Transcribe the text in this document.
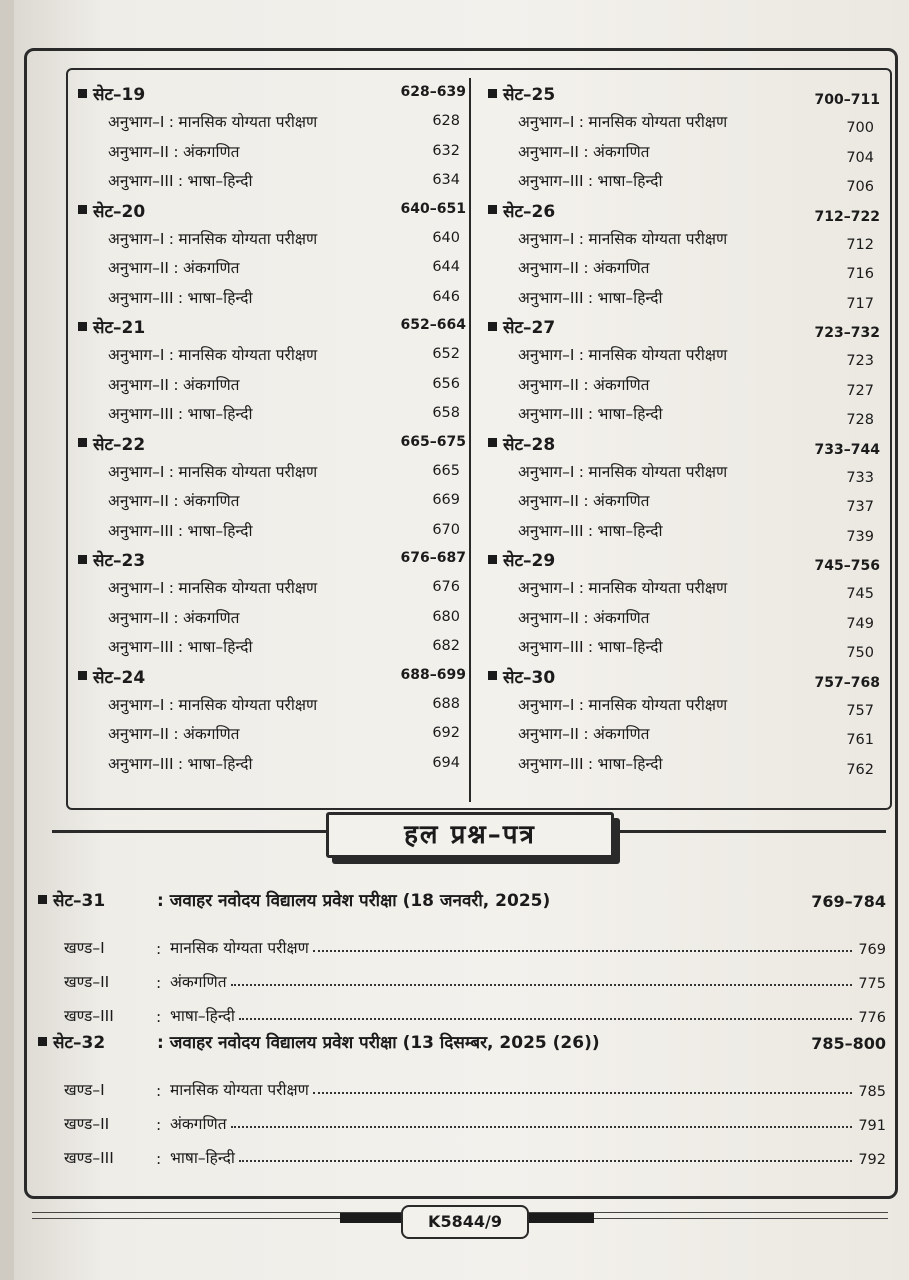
सेट–19	628–639
अनुभाग–I : मानसिक योग्यता परीक्षण	628
अनुभाग–II : अंकगणित	632
अनुभाग–III : भाषा–हिन्दी	634
सेट–20	640–651
अनुभाग–I : मानसिक योग्यता परीक्षण	640
अनुभाग–II : अंकगणित	644
अनुभाग–III : भाषा–हिन्दी	646
सेट–21	652–664
अनुभाग–I : मानसिक योग्यता परीक्षण	652
अनुभाग–II : अंकगणित	656
अनुभाग–III : भाषा–हिन्दी	658
सेट–22	665–675
अनुभाग–I : मानसिक योग्यता परीक्षण	665
अनुभाग–II : अंकगणित	669
अनुभाग–III : भाषा–हिन्दी	670
सेट–23	676–687
अनुभाग–I : मानसिक योग्यता परीक्षण	676
अनुभाग–II : अंकगणित	680
अनुभाग–III : भाषा–हिन्दी	682
सेट–24	688–699
अनुभाग–I : मानसिक योग्यता परीक्षण	688
अनुभाग–II : अंकगणित	692
अनुभाग–III : भाषा–हिन्दी	694
सेट–25	700–711
अनुभाग–I : मानसिक योग्यता परीक्षण	700
अनुभाग–II : अंकगणित	704
अनुभाग–III : भाषा–हिन्दी	706
सेट–26	712–722
अनुभाग–I : मानसिक योग्यता परीक्षण	712
अनुभाग–II : अंकगणित	716
अनुभाग–III : भाषा–हिन्दी	717
सेट–27	723–732
अनुभाग–I : मानसिक योग्यता परीक्षण	723
अनुभाग–II : अंकगणित	727
अनुभाग–III : भाषा–हिन्दी	728
सेट–28	733–744
अनुभाग–I : मानसिक योग्यता परीक्षण	733
अनुभाग–II : अंकगणित	737
अनुभाग–III : भाषा–हिन्दी	739
सेट–29	745–756
अनुभाग–I : मानसिक योग्यता परीक्षण	745
अनुभाग–II : अंकगणित	749
अनुभाग–III : भाषा–हिन्दी	750
सेट–30	757–768
अनुभाग–I : मानसिक योग्यता परीक्षण	757
अनुभाग–II : अंकगणित	761
अनुभाग–III : भाषा–हिन्दी	762
हल प्रश्न–पत्र
सेट–31	: जवाहर नवोदय विद्यालय प्रवेश परीक्षा (18 जनवरी, 2025)	769–784
खण्ड–I	: मानसिक योग्यता परीक्षण	769
खण्ड–II	: अंकगणित	775
खण्ड–III	: भाषा–हिन्दी	776
सेट–32	: जवाहर नवोदय विद्यालय प्रवेश परीक्षा (13 दिसम्बर, 2025 (26))	785–800
खण्ड–I	: मानसिक योग्यता परीक्षण	785
खण्ड–II	: अंकगणित	791
खण्ड–III	: भाषा–हिन्दी	792
K5844/9
